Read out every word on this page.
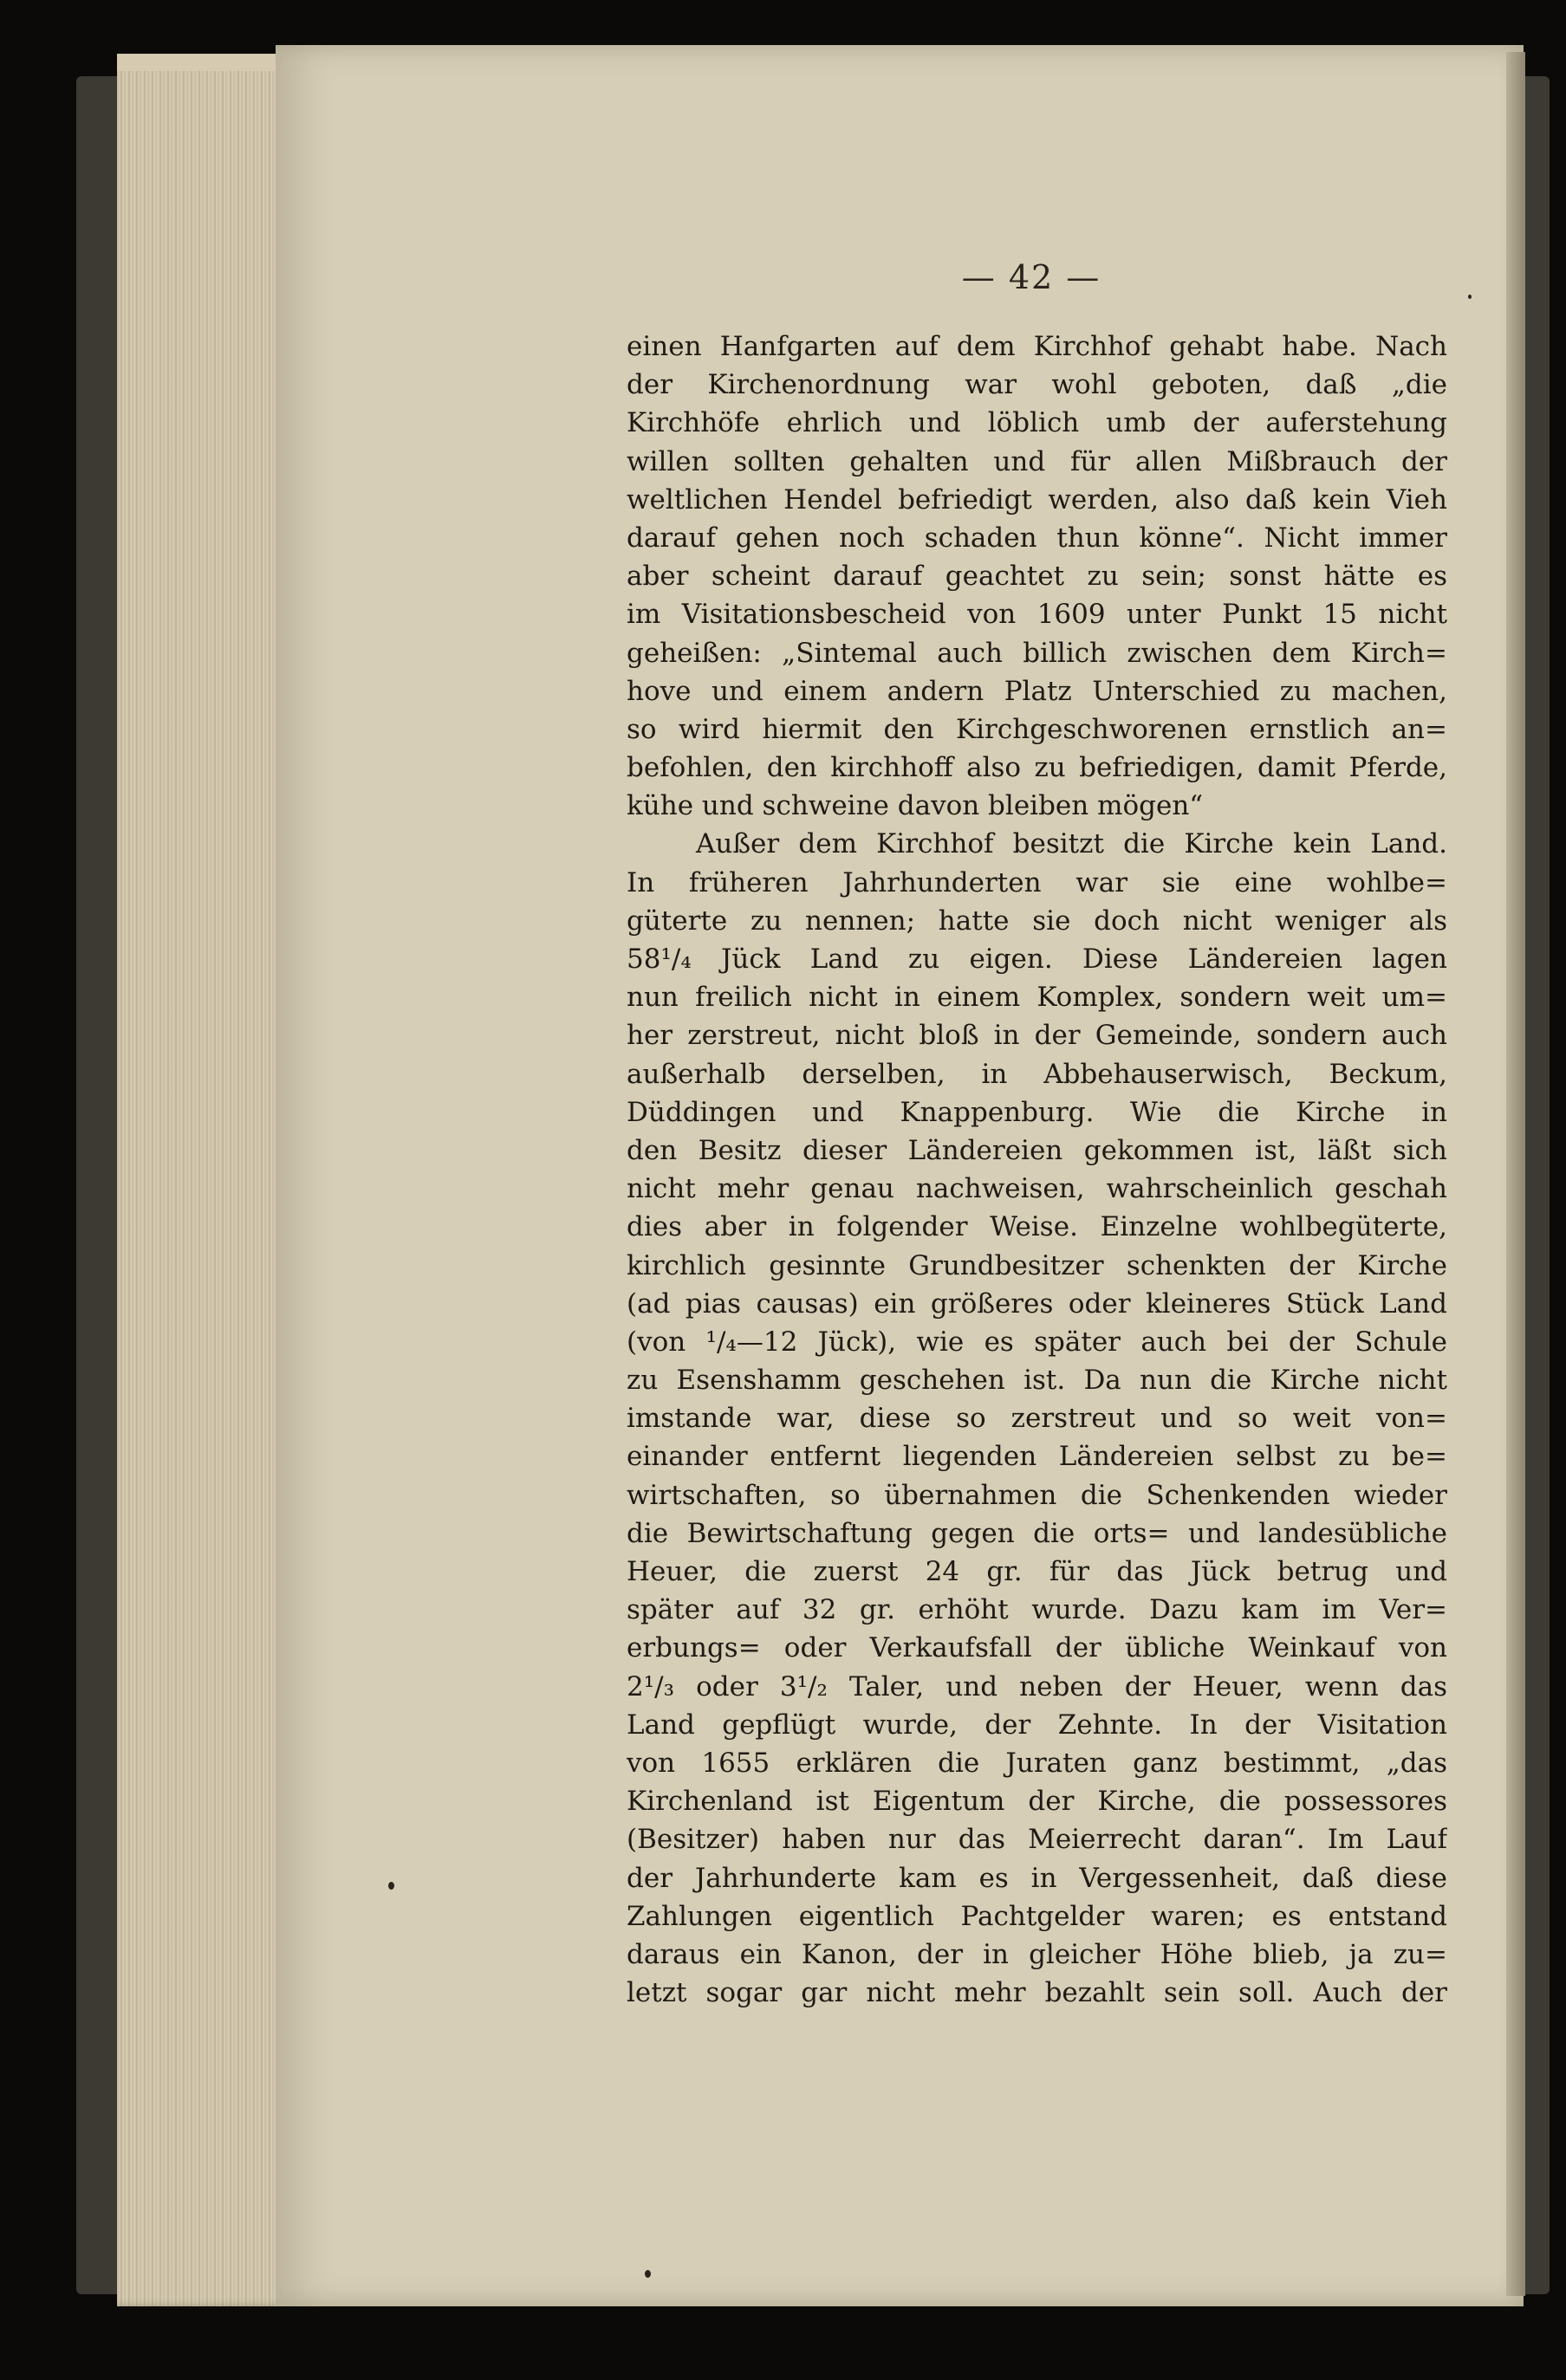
— 42 —
einen Hanfgarten auf dem Kirchhof gehabt habe. Nach
der Kirchenordnung war wohl geboten, daß „die
Kirchhöfe ehrlich und löblich umb der auferstehung
willen sollten gehalten und für allen Mißbrauch der
weltlichen Hendel befriedigt werden, also daß kein Vieh
darauf gehen noch schaden thun könne“. Nicht immer
aber scheint darauf geachtet zu sein; sonst hätte es
im Visitationsbescheid von 1609 unter Punkt 15 nicht
geheißen: „Sintemal auch billich zwischen dem Kirch=
hove und einem andern Platz Unterschied zu machen,
so wird hiermit den Kirchgeschworenen ernstlich an=
befohlen, den kirchhoff also zu befriedigen, damit Pferde,
kühe und schweine davon bleiben mögen“
Außer dem Kirchhof besitzt die Kirche kein Land.
In früheren Jahrhunderten war sie eine wohlbe=
güterte zu nennen; hatte sie doch nicht weniger als
58¹/₄ Jück Land zu eigen. Diese Ländereien lagen
nun freilich nicht in einem Komplex, sondern weit um=
her zerstreut, nicht bloß in der Gemeinde, sondern auch
außerhalb derselben, in Abbehauserwisch, Beckum,
Düddingen und Knappenburg. Wie die Kirche in
den Besitz dieser Ländereien gekommen ist, läßt sich
nicht mehr genau nachweisen, wahrscheinlich geschah
dies aber in folgender Weise. Einzelne wohlbegüterte,
kirchlich gesinnte Grundbesitzer schenkten der Kirche
(ad pias causas) ein größeres oder kleineres Stück Land
(von ¹/₄—12 Jück), wie es später auch bei der Schule
zu Esenshamm geschehen ist. Da nun die Kirche nicht
imstande war, diese so zerstreut und so weit von=
einander entfernt liegenden Ländereien selbst zu be=
wirtschaften, so übernahmen die Schenkenden wieder
die Bewirtschaftung gegen die orts= und landesübliche
Heuer, die zuerst 24 gr. für das Jück betrug und
später auf 32 gr. erhöht wurde. Dazu kam im Ver=
erbungs= oder Verkaufsfall der übliche Weinkauf von
2¹/₃ oder 3¹/₂ Taler, und neben der Heuer, wenn das
Land gepflügt wurde, der Zehnte. In der Visitation
von 1655 erklären die Juraten ganz bestimmt, „das
Kirchenland ist Eigentum der Kirche, die possessores
(Besitzer) haben nur das Meierrecht daran“. Im Lauf
der Jahrhunderte kam es in Vergessenheit, daß diese
Zahlungen eigentlich Pachtgelder waren; es entstand
daraus ein Kanon, der in gleicher Höhe blieb, ja zu=
letzt sogar gar nicht mehr bezahlt sein soll. Auch der
